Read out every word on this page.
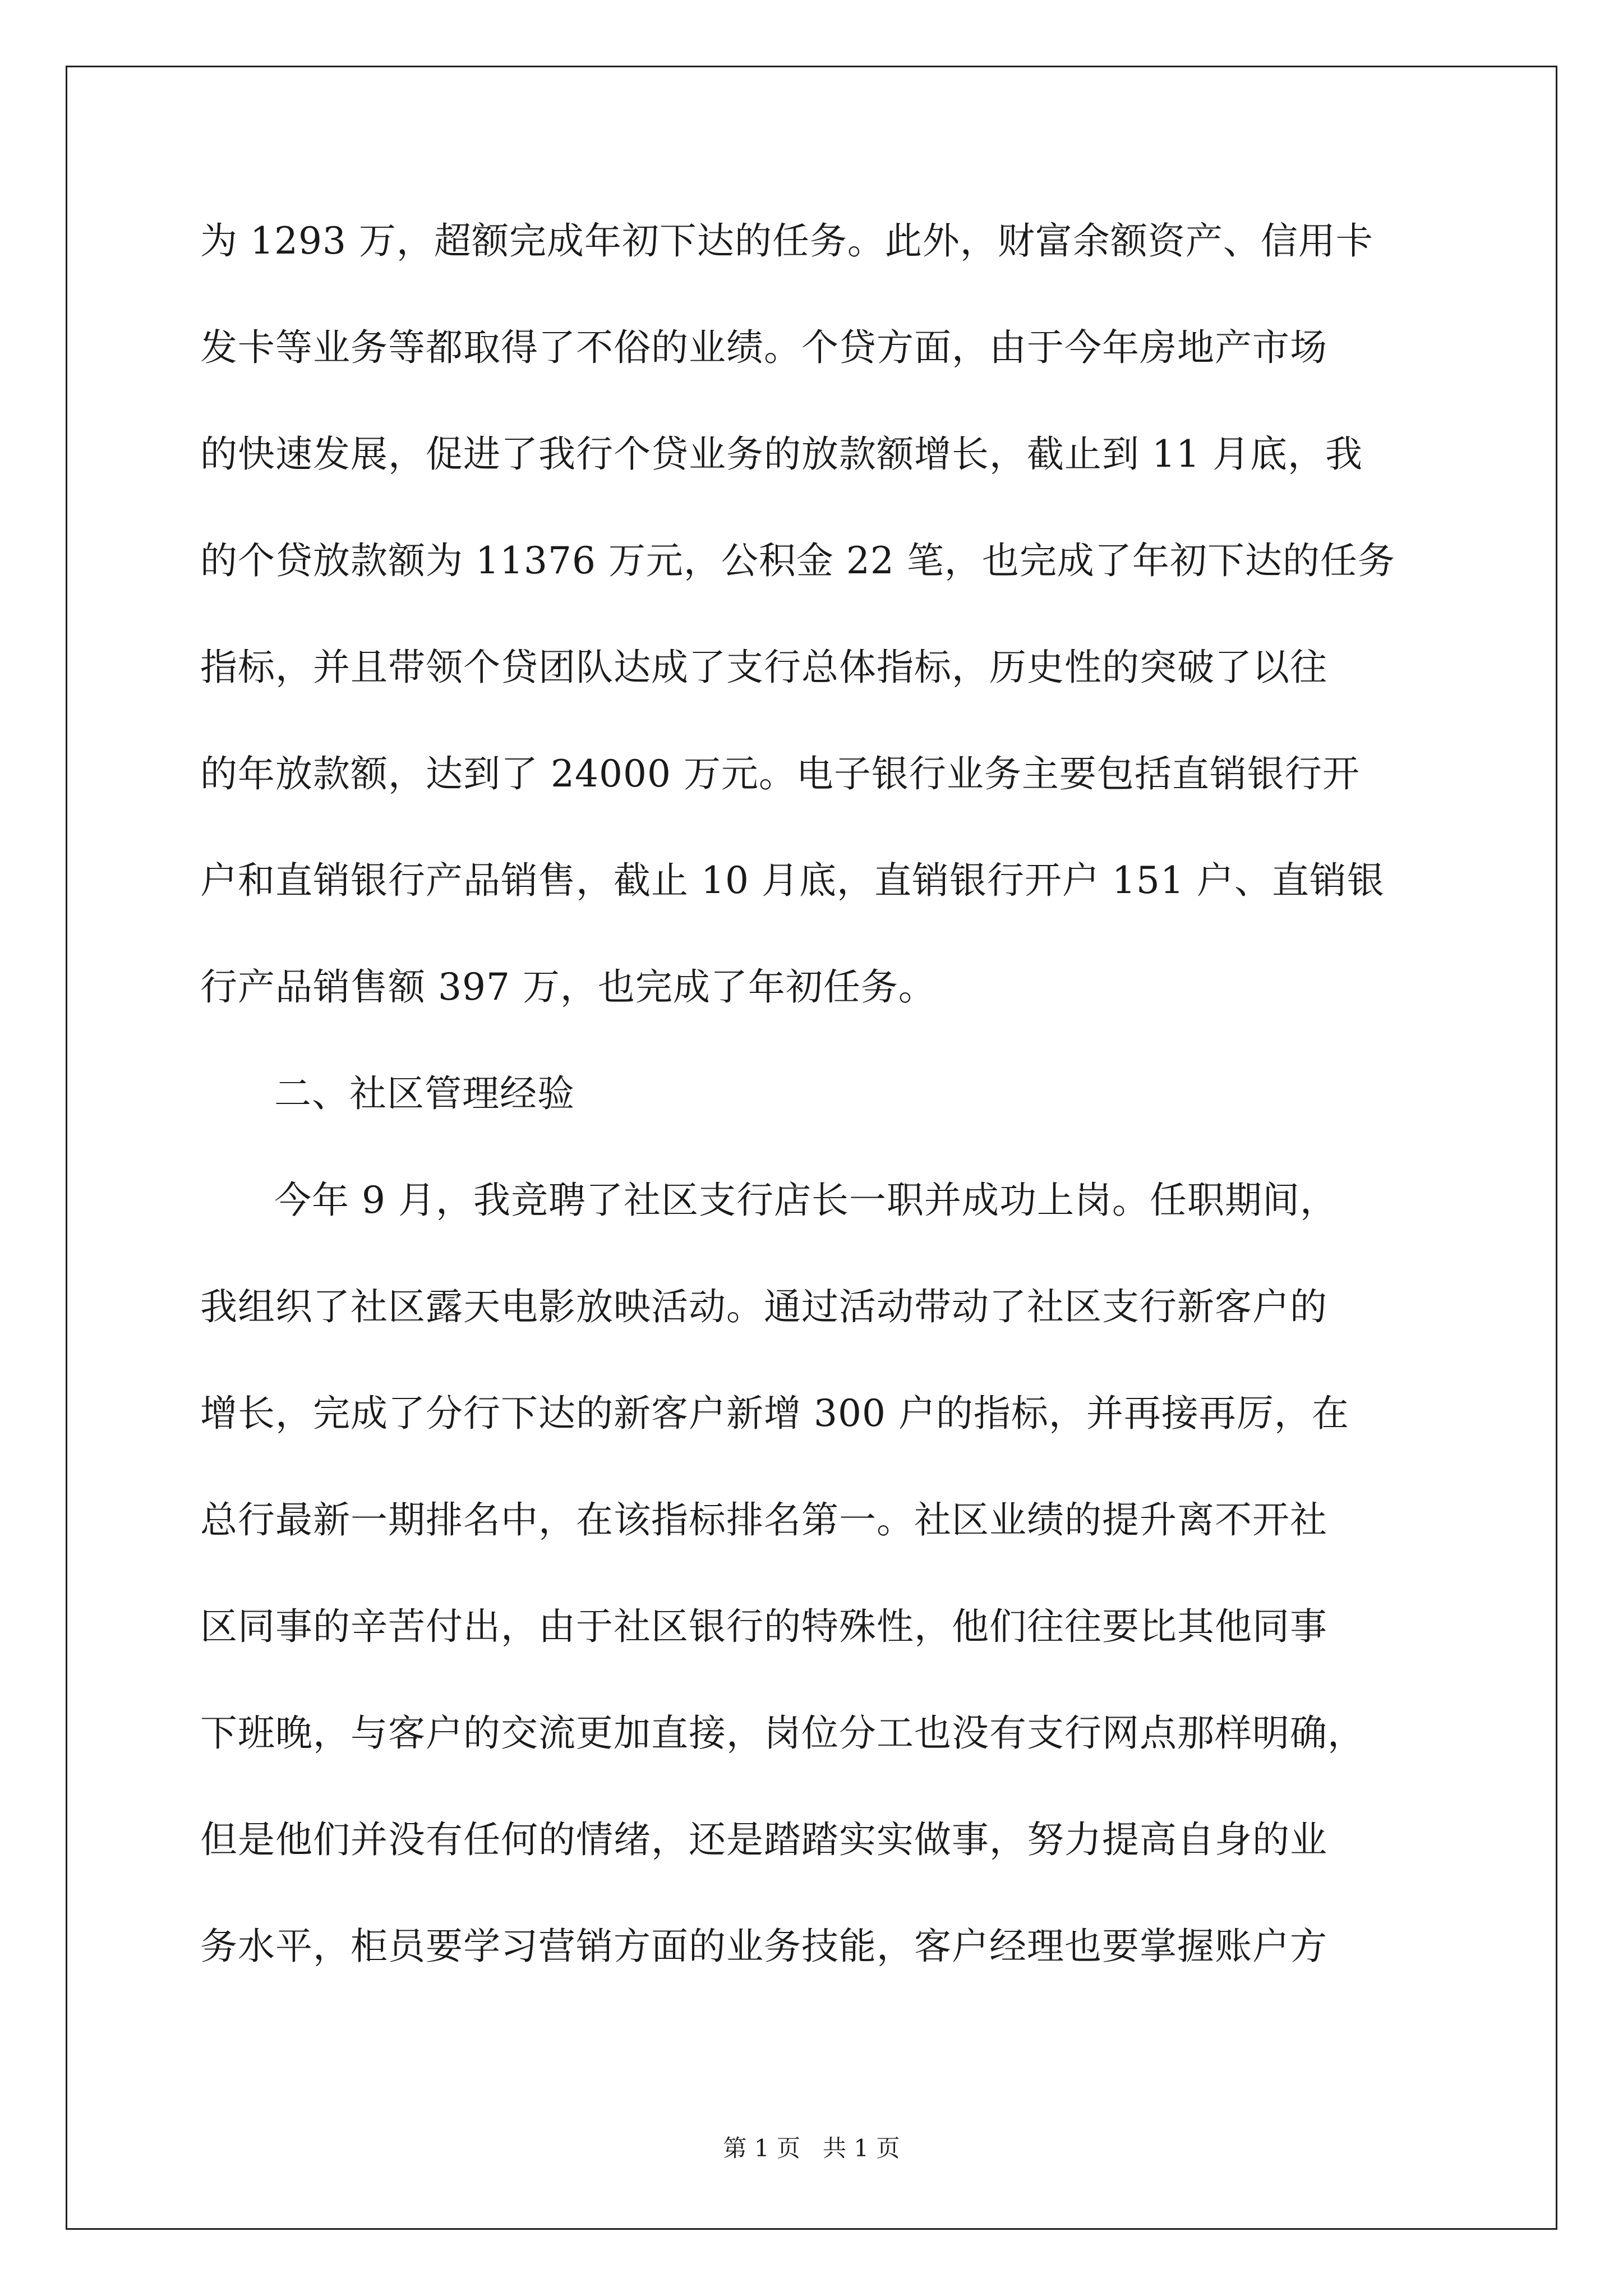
为 1293 万，超额完成年初下达的任务。此外，财富余额资产、信用卡
发卡等业务等都取得了不俗的业绩。个贷方面，由于今年房地产市场
的快速发展，促进了我行个贷业务的放款额增长，截止到 11 月底，我
的个贷放款额为 11376 万元，公积金 22 笔，也完成了年初下达的任务
指标，并且带领个贷团队达成了支行总体指标，历史性的突破了以往
的年放款额，达到了 24000 万元。电子银行业务主要包括直销银行开
户和直销银行产品销售，截止 10 月底，直销银行开户 151 户、直销银
行产品销售额 397 万，也完成了年初任务。
二、社区管理经验
今年 9 月，我竞聘了社区支行店长一职并成功上岗。任职期间，
我组织了社区露天电影放映活动。通过活动带动了社区支行新客户的
增长，完成了分行下达的新客户新增 300 户的指标，并再接再厉，在
总行最新一期排名中，在该指标排名第一。社区业绩的提升离不开社
区同事的辛苦付出，由于社区银行的特殊性，他们往往要比其他同事
下班晚，与客户的交流更加直接，岗位分工也没有支行网点那样明确，
但是他们并没有任何的情绪，还是踏踏实实做事，努力提高自身的业
务水平，柜员要学习营销方面的业务技能，客户经理也要掌握账户方
第 1 页   共 1 页
